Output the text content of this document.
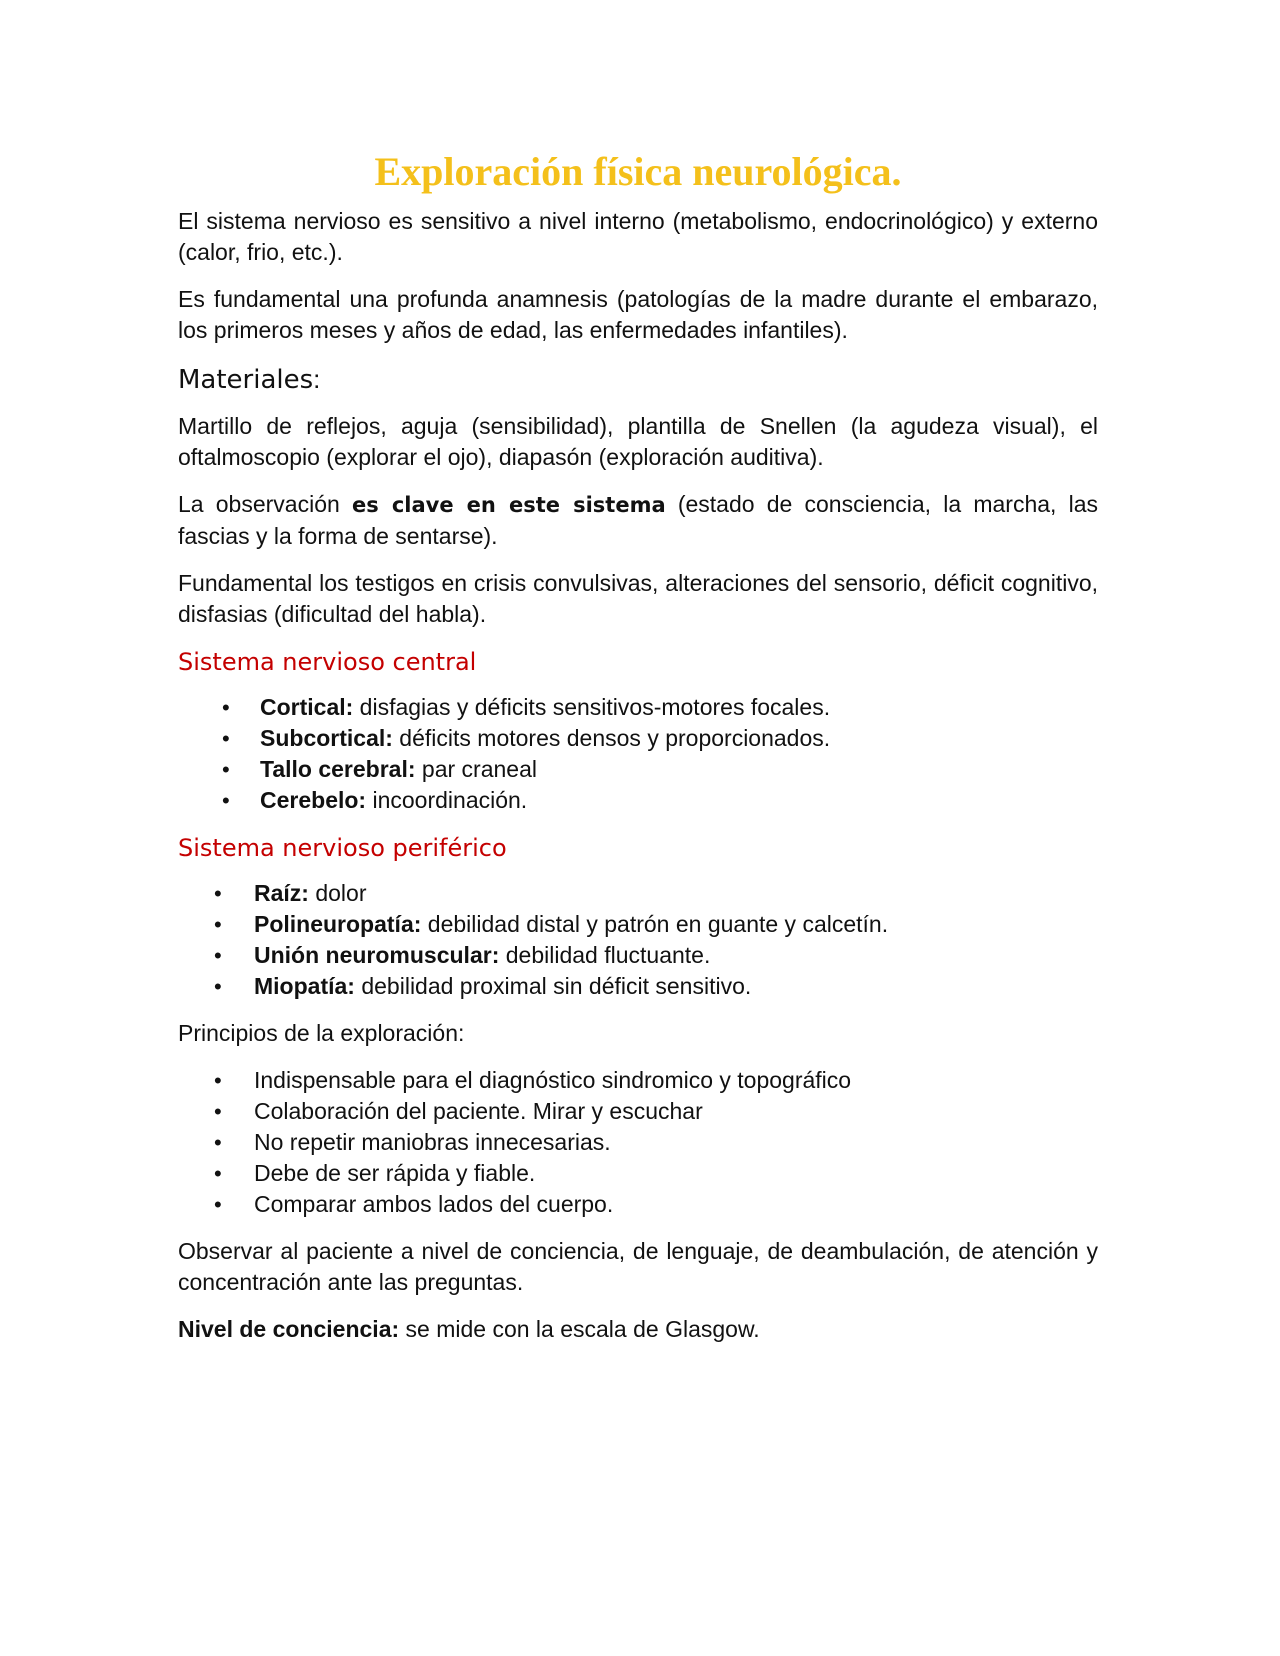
Exploración física neurológica.

El sistema nervioso es sensitivo a nivel interno (metabolismo, endocrinológico) y externo (calor, frio, etc.).

Es fundamental una profunda anamnesis (patologías de la madre durante el embarazo, los primeros meses y años de edad, las enfermedades infantiles).

Materiales:

Martillo de reflejos, aguja (sensibilidad), plantilla de Snellen (la agudeza visual), el oftalmoscopio (explorar el ojo), diapasón (exploración auditiva).

La observación es clave en este sistema (estado de consciencia, la marcha, las fascias y la forma de sentarse).

Fundamental los testigos en crisis convulsivas, alteraciones del sensorio, déficit cognitivo, disfasias (dificultad del habla).

Sistema nervioso central
• Cortical: disfagias y déficits sensitivos-motores focales.
• Subcortical: déficits motores densos y proporcionados.
• Tallo cerebral: par craneal
• Cerebelo: incoordinación.
Sistema nervioso periférico
• Raíz: dolor
• Polineuropatía: debilidad distal y patrón en guante y calcetín.
• Unión neuromuscular: debilidad fluctuante.
• Miopatía: debilidad proximal sin déficit sensitivo.

Principios de la exploración:

• Indispensable para el diagnóstico sindromico y topográfico
• Colaboración del paciente. Mirar y escuchar
• No repetir maniobras innecesarias.
• Debe de ser rápida y fiable.
• Comparar ambos lados del cuerpo.

Observar al paciente a nivel de conciencia, de lenguaje, de deambulación, de atención y concentración ante las preguntas.

Nivel de conciencia: se mide con la escala de Glasgow.
